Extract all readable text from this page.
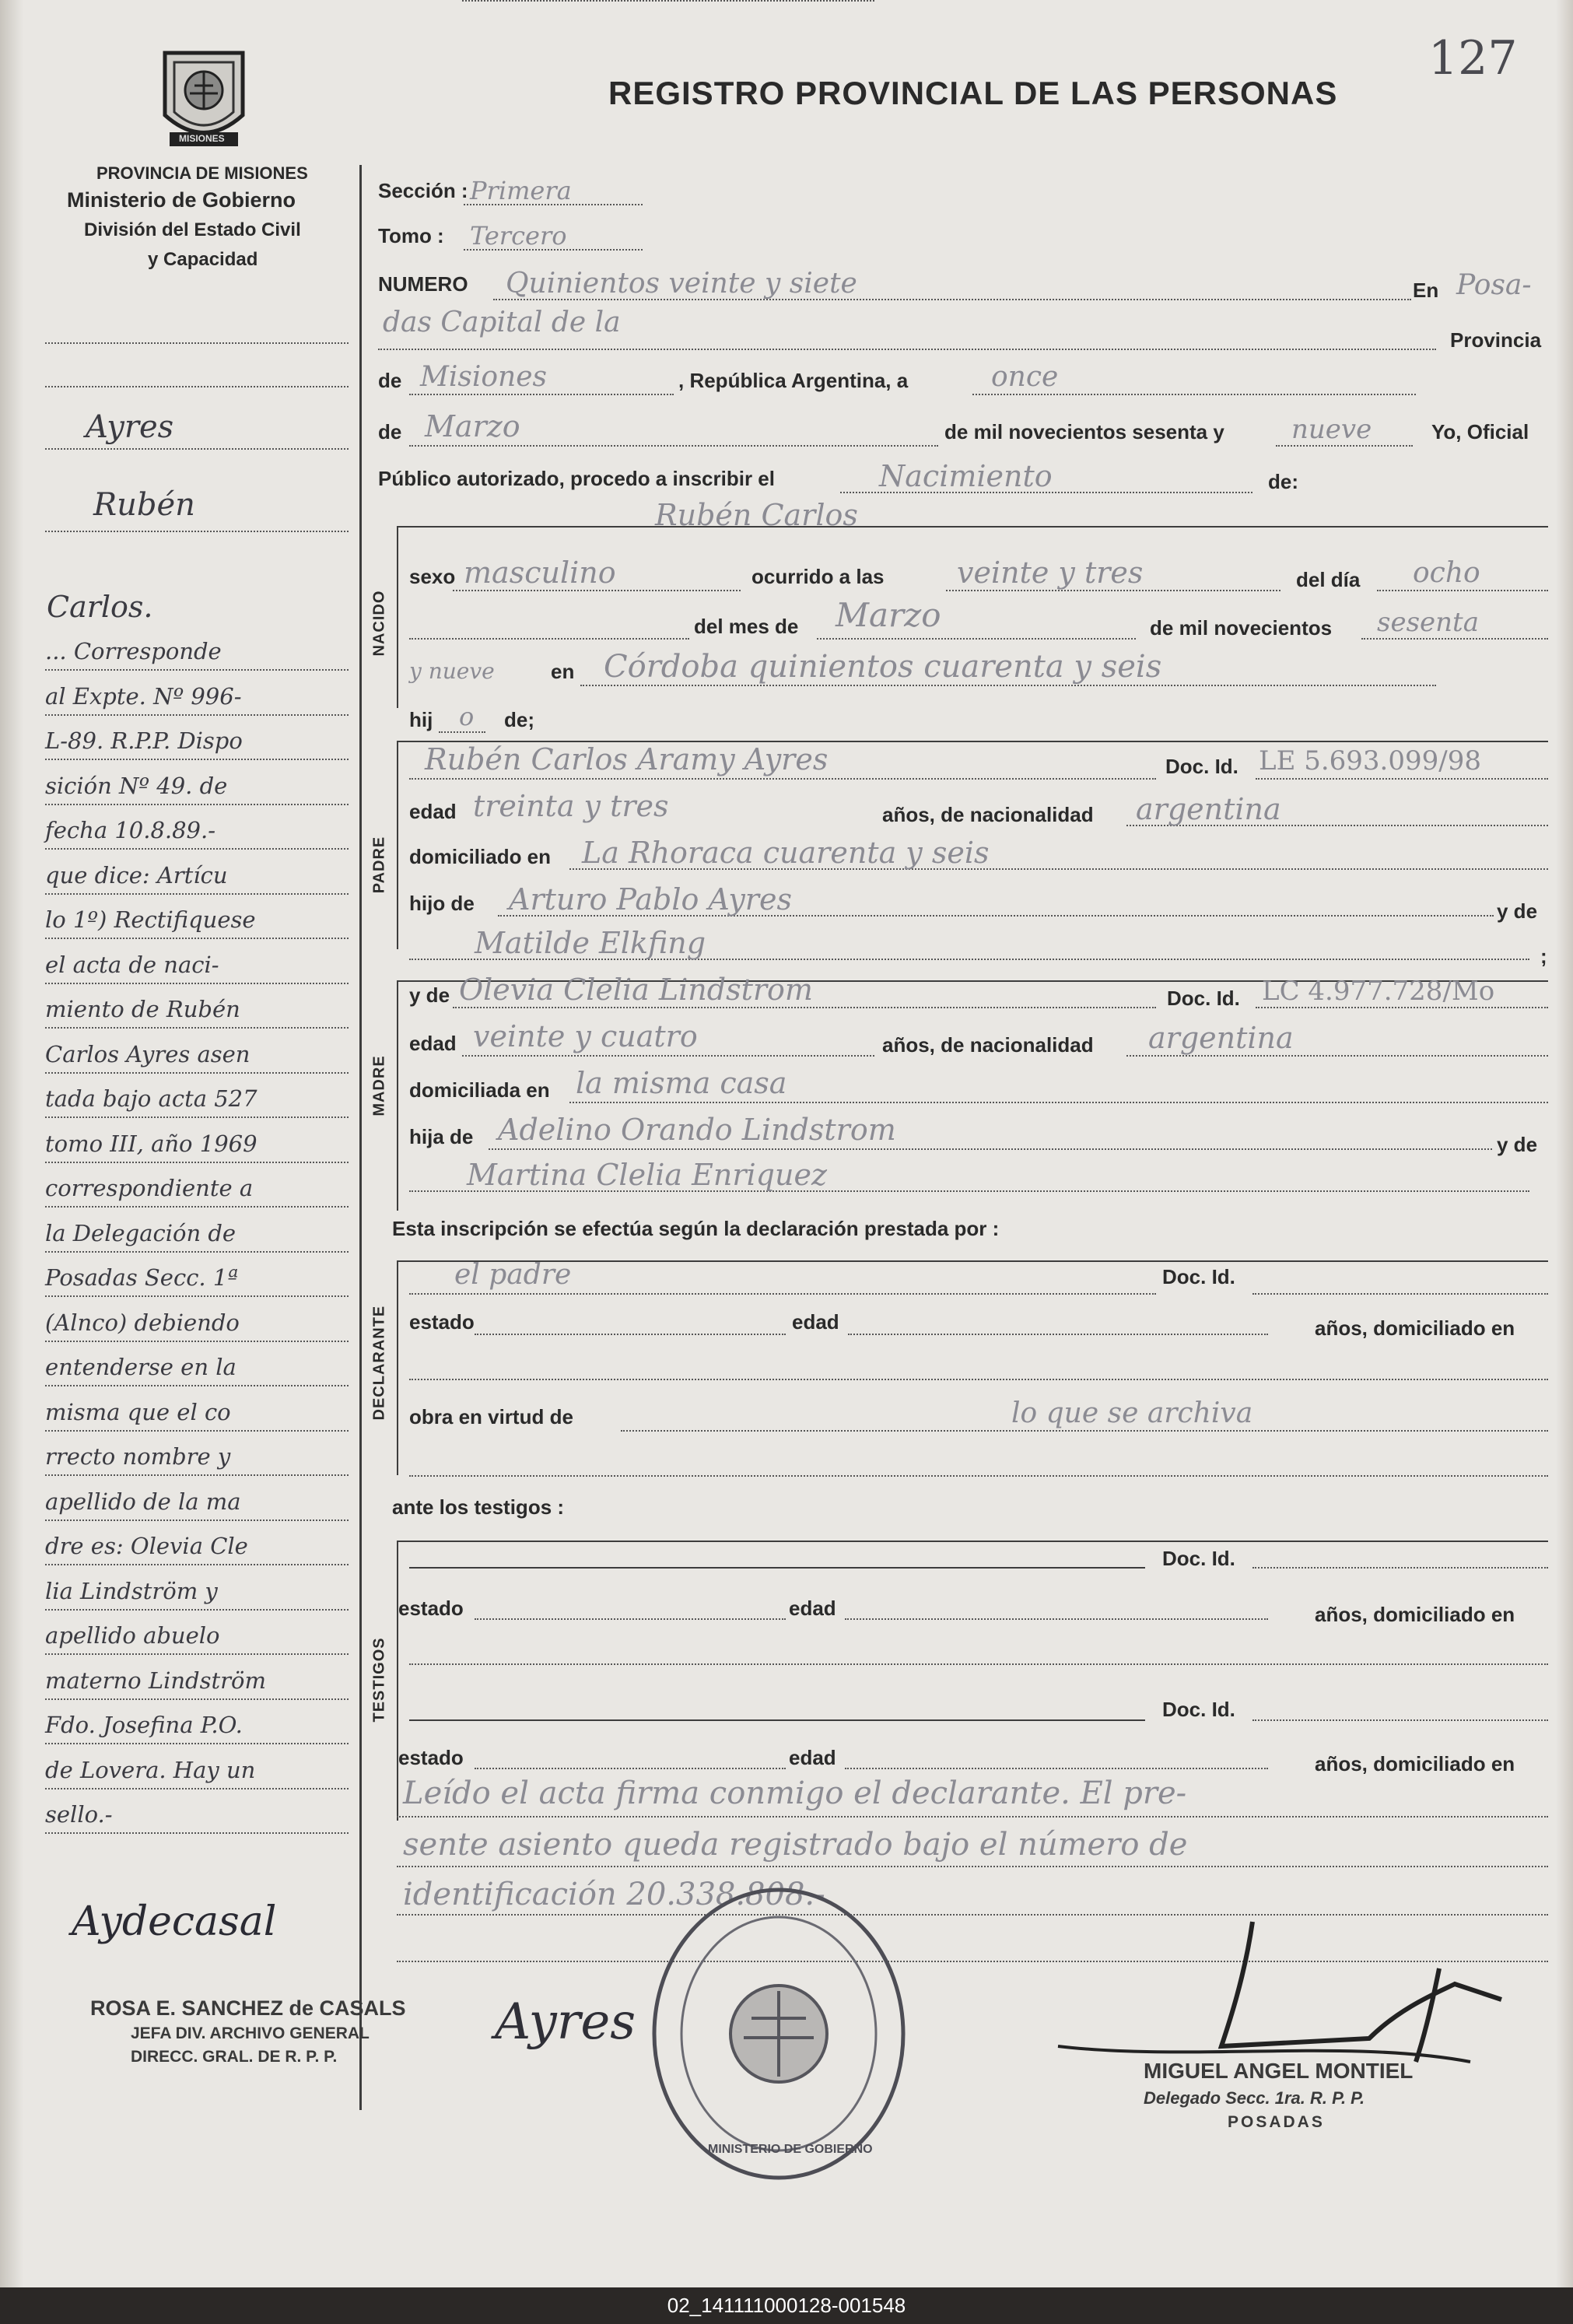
127
REGISTRO PROVINCIAL DE LAS PERSONAS
MISIONES
PROVINCIA DE MISIONES
Ministerio de Gobierno
División del Estado Civil
y Capacidad
Ayres
Rubén
Carlos.
... Corresponde
al Expte. Nº 996-
L-89. R.P.P. Dispo
sición Nº 49. de
fecha 10.8.89.-
que dice: Artícu
lo 1º) Rectifiquese
el acta de naci-
miento de Rubén
Carlos Ayres asen
tada bajo acta 527
tomo III, año 1969
correspondiente a
la Delegación de
Posadas Secc. 1ª
(Alnco) debiendo
entenderse en la
misma que el co
rrecto nombre y
apellido de la ma
dre es: Olevia Cle
lia Lindström y
apellido abuelo
materno Lindström
Fdo. Josefina P.O.
de Lovera. Hay un
sello.-
Aydecasal
ROSA E. SANCHEZ de CASALS
JEFA DIV. ARCHIVO GENERAL
DIRECC. GRAL. DE R. P. P.
Sección : Primera
Tomo : Tercero
NUMERO Quinientos veinte y siete	En Posa-
das Capital de la
Provincia
de Misiones	, República Argentina, a	once
de Marzo	de mil novecientos sesenta y	nueve	Yo, Oficial
Público autorizado, procedo a inscribir el	Nacimiento	de:
Rubén Carlos
NACIDO
sexo masculino	ocurrido a las veinte y tres	del día ocho
del mes de Marzo	de mil novecientos sesenta
y nueve	en Córdoba quinientos cuarenta y seis
hij o de;
PADRE
Rubén Carlos Aramy Ayres	Doc. Id. LE 5.693.099/98
edad treinta y tres	años, de nacionalidad argentina
domiciliado en La Rhoraca cuarenta y seis
hijo de Arturo Pablo Ayres	y de
Matilde Elkfing	;
MADRE
y de Olevia Clelia Lindstrom	Doc. Id. LC 4.977.728/Mo
edad veinte y cuatro	años, de nacionalidad argentina
domiciliada en la misma casa
hija de Adelino Orando Lindstrom	y de
Martina Clelia Enriquez
Esta inscripción se efectúa según la declaración prestada por :
DECLARANTE
el padre	Doc. Id.
estado	edad	años, domiciliado en
obra en virtud de	lo que se archiva
ante los testigos :
TESTIGOS
Doc. Id.
estado	edad	años, domiciliado en
Doc. Id.
estado	edad	años, domiciliado en
Leído el acta firma conmigo el declarante. El pre-
sente asiento queda registrado bajo el número de
identificación 20.338.808.-
MINISTERIO DE GOBIERNO
Ayres
MIGUEL ANGEL MONTIEL
Delegado Secc. 1ra. R. P. P.
POSADAS
02_141111000128-001548
